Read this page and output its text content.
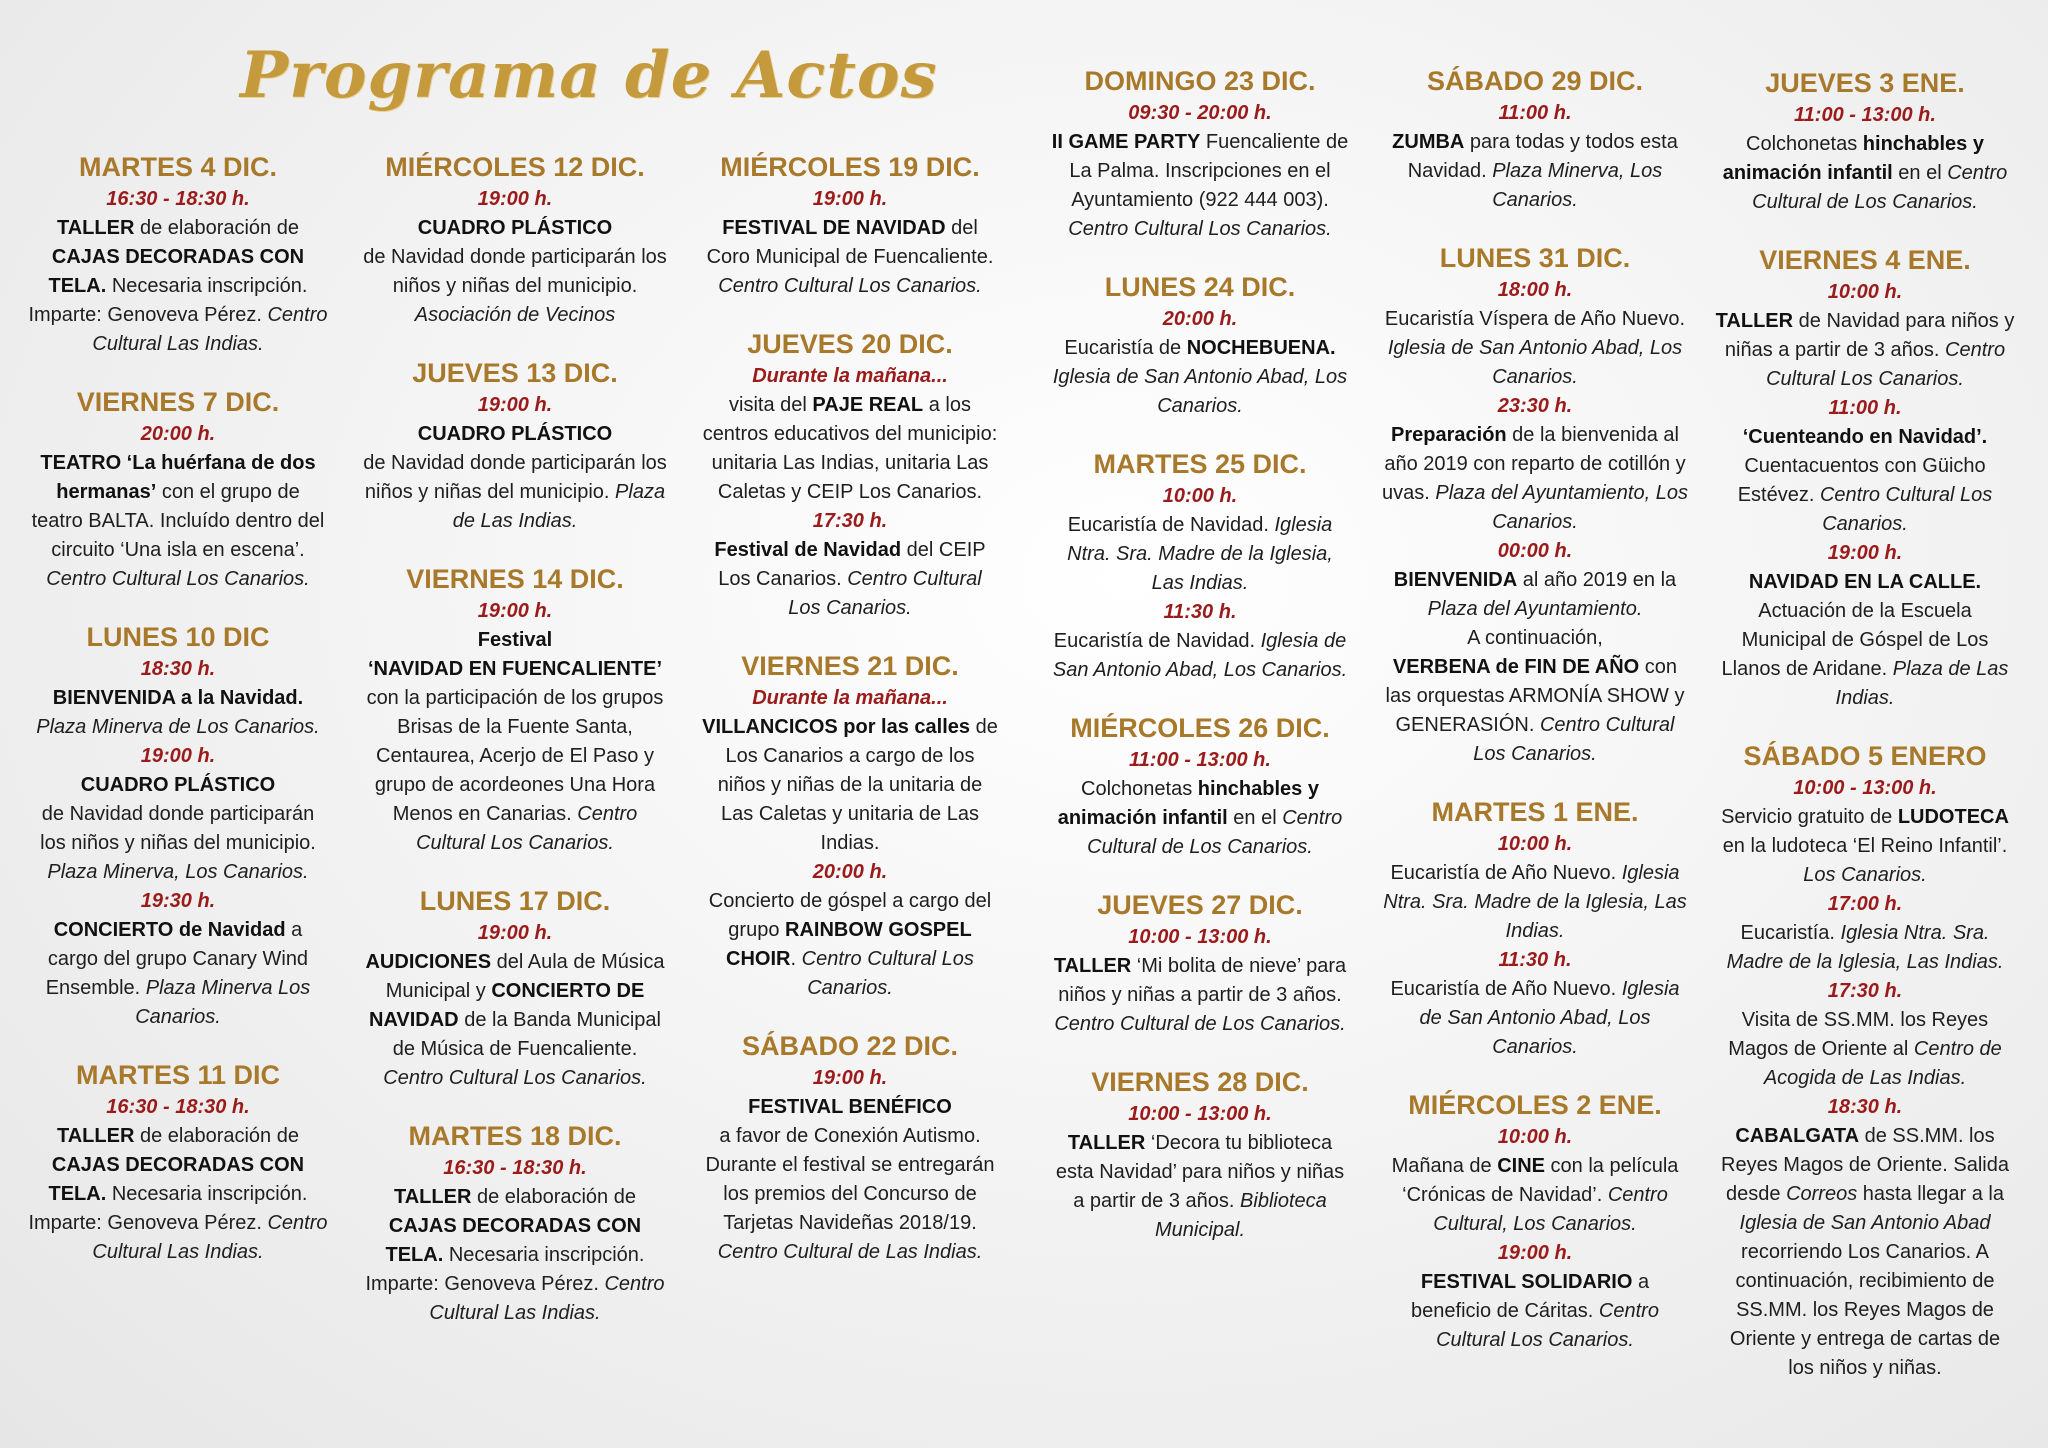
Programa de Actos
MARTES 4 DIC.
16:30 - 18:30 h.
TALLER de elaboración de CAJAS DECORADAS CON TELA. Necesaria inscripción. Imparte: Genoveva Pérez. Centro Cultural Las Indias.
VIERNES 7 DIC.
20:00 h.
TEATRO ‘La huérfana de dos hermanas’ con el grupo de teatro BALTA. Incluído dentro del circuito ‘Una isla en escena’. Centro Cultural Los Canarios.
LUNES 10 DIC
18:30 h.
BIENVENIDA a la Navidad.
Plaza Minerva de Los Canarios.
19:00 h.
CUADRO PLÁSTICO
de Navidad donde participarán los niños y niñas del municipio. Plaza Minerva, Los Canarios.
19:30 h.
CONCIERTO de Navidad a cargo del grupo Canary Wind Ensemble. Plaza Minerva Los Canarios.
MARTES 11 DIC
16:30 - 18:30 h.
TALLER de elaboración de CAJAS DECORADAS CON TELA. Necesaria inscripción. Imparte: Genoveva Pérez. Centro Cultural Las Indias.
MIÉRCOLES 12 DIC.
19:00 h.
CUADRO PLÁSTICO
de Navidad donde participarán los niños y niñas del municipio. Asociación de Vecinos
JUEVES 13 DIC.
19:00 h.
CUADRO PLÁSTICO
de Navidad donde participarán los niños y niñas del municipio. Plaza de Las Indias.
VIERNES 14 DIC.
19:00 h.
Festival
‘NAVIDAD EN FUENCALIENTE’ con la participación de los grupos Brisas de la Fuente Santa, Centaurea, Acerjo de El Paso y grupo de acordeones Una Hora Menos en Canarias. Centro Cultural Los Canarios.
LUNES 17 DIC.
19:00 h.
AUDICIONES del Aula de Música Municipal y CONCIERTO DE NAVIDAD de la Banda Municipal de Música de Fuencaliente. Centro Cultural Los Canarios.
MARTES 18 DIC.
16:30 - 18:30 h.
TALLER de elaboración de CAJAS DECORADAS CON TELA. Necesaria inscripción. Imparte: Genoveva Pérez. Centro Cultural Las Indias.
MIÉRCOLES 19 DIC.
19:00 h.
FESTIVAL DE NAVIDAD del Coro Municipal de Fuencaliente. Centro Cultural Los Canarios.
JUEVES 20 DIC.
Durante la mañana...
visita del PAJE REAL a los centros educativos del municipio: unitaria Las Indias, unitaria Las Caletas y CEIP Los Canarios.
17:30 h.
Festival de Navidad del CEIP Los Canarios. Centro Cultural Los Canarios.
VIERNES 21 DIC.
Durante la mañana...
VILLANCICOS por las calles de Los Canarios a cargo de los niños y niñas de la unitaria de Las Caletas y unitaria de Las Indias.
20:00 h.
Concierto de góspel a cargo del grupo RAINBOW GOSPEL CHOIR. Centro Cultural Los Canarios.
SÁBADO 22 DIC.
19:00 h.
FESTIVAL BENÉFICO
a favor de Conexión Autismo. Durante el festival se entregarán los premios del Concurso de Tarjetas Navideñas 2018/19. Centro Cultural de Las Indias.
DOMINGO 23 DIC.
09:30 - 20:00 h.
II GAME PARTY Fuencaliente de La Palma. Inscripciones en el Ayuntamiento (922 444 003). Centro Cultural Los Canarios.
LUNES 24 DIC.
20:00 h.
Eucaristía de NOCHEBUENA. Iglesia de San Antonio Abad, Los Canarios.
MARTES 25 DIC.
10:00 h.
Eucaristía de Navidad. Iglesia Ntra. Sra. Madre de la Iglesia, Las Indias.
11:30 h.
Eucaristía de Navidad. Iglesia de San Antonio Abad, Los Canarios.
MIÉRCOLES 26 DIC.
11:00 - 13:00 h.
Colchonetas hinchables y animación infantil en el Centro Cultural de Los Canarios.
JUEVES 27 DIC.
10:00 - 13:00 h.
TALLER ‘Mi bolita de nieve’ para niños y niñas a partir de 3 años. Centro Cultural de Los Canarios.
VIERNES 28 DIC.
10:00 - 13:00 h.
TALLER ‘Decora tu biblioteca esta Navidad’ para niños y niñas a partir de 3 años. Biblioteca Municipal.
SÁBADO 29 DIC.
11:00 h.
ZUMBA para todas y todos esta Navidad. Plaza Minerva, Los Canarios.
LUNES 31 DIC.
18:00 h.
Eucaristía Víspera de Año Nuevo. Iglesia de San Antonio Abad, Los Canarios.
23:30 h.
Preparación de la bienvenida al año 2019 con reparto de cotillón y uvas. Plaza del Ayuntamiento, Los Canarios.
00:00 h.
BIENVENIDA al año 2019 en la Plaza del Ayuntamiento.
A continuación,
VERBENA de FIN DE AÑO con las orquestas ARMONÍA SHOW y GENERASIÓN. Centro Cultural Los Canarios.
MARTES 1 ENE.
10:00 h.
Eucaristía de Año Nuevo. Iglesia Ntra. Sra. Madre de la Iglesia, Las Indias.
11:30 h.
Eucaristía de Año Nuevo. Iglesia de San Antonio Abad, Los Canarios.
MIÉRCOLES 2 ENE.
10:00 h.
Mañana de CINE con la película ‘Crónicas de Navidad’. Centro Cultural, Los Canarios.
19:00 h.
FESTIVAL SOLIDARIO a beneficio de Cáritas. Centro Cultural Los Canarios.
JUEVES 3 ENE.
11:00 - 13:00 h.
Colchonetas hinchables y animación infantil en el Centro Cultural de Los Canarios.
VIERNES 4 ENE.
10:00 h.
TALLER de Navidad para niños y niñas a partir de 3 años. Centro Cultural Los Canarios.
11:00 h.
‘Cuenteando en Navidad’. Cuentacuentos con Güicho Estévez. Centro Cultural Los Canarios.
19:00 h.
NAVIDAD EN LA CALLE. Actuación de la Escuela Municipal de Góspel de Los Llanos de Aridane. Plaza de Las Indias.
SÁBADO 5 ENERO
10:00 - 13:00 h.
Servicio gratuito de LUDOTECA en la ludoteca ‘El Reino Infantil’. Los Canarios.
17:00 h.
Eucaristía. Iglesia Ntra. Sra. Madre de la Iglesia, Las Indias.
17:30 h.
Visita de SS.MM. los Reyes Magos de Oriente al Centro de Acogida de Las Indias.
18:30 h.
CABALGATA de SS.MM. los Reyes Magos de Oriente. Salida desde Correos hasta llegar a la Iglesia de San Antonio Abad recorriendo Los Canarios. A continuación, recibimiento de SS.MM. los Reyes Magos de Oriente y entrega de cartas de los niños y niñas.
